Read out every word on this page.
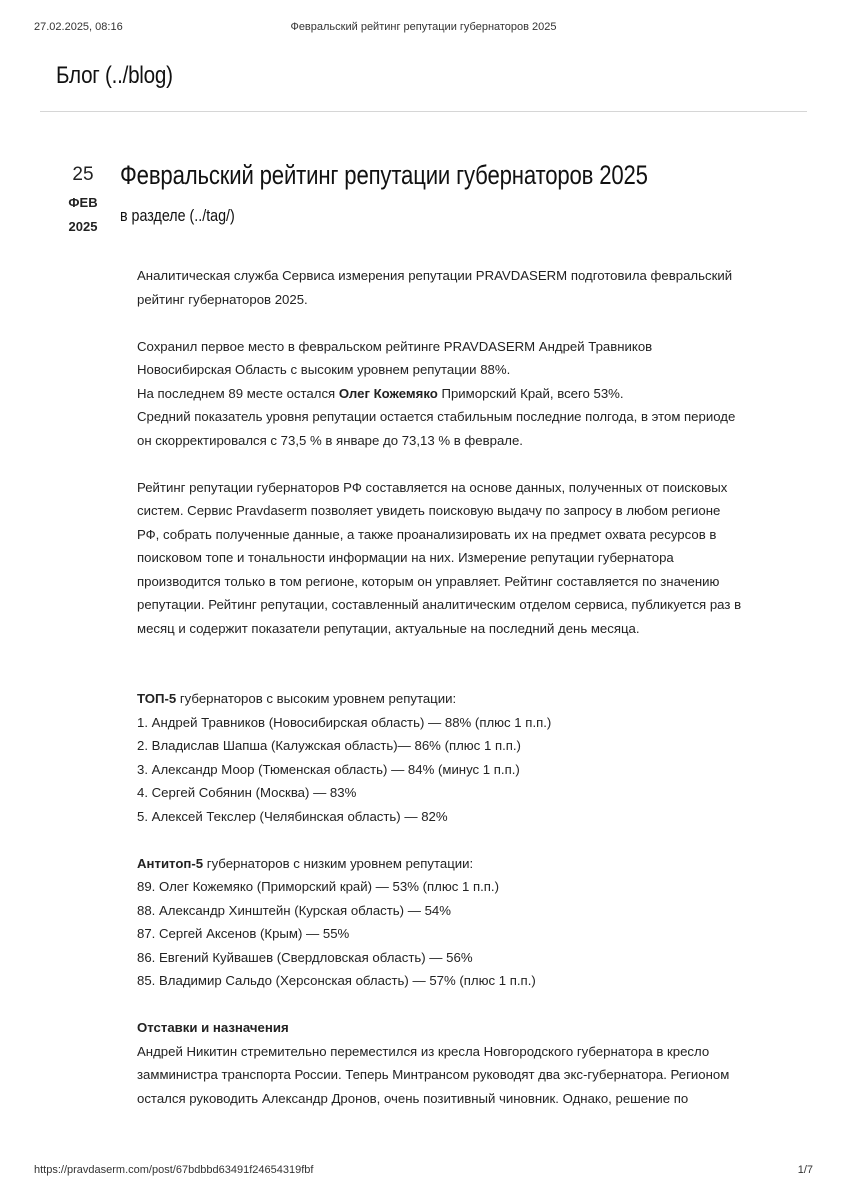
27.02.2025, 08:16	Февральский рейтинг репутации губернаторов 2025
Блог (../blog)
25
ФЕВ
2025
Февральский рейтинг репутации губернаторов 2025
в разделе (../tag/)

Аналитическая служба Сервиса измерения репутации PRAVDASERM подготовила февральский

рейтинг губернаторов 2025.

Сохранил первое место в февральском рейтинге PRAVDASERM Андрей Травников

Новосибирская Область с высоким уровнем репутации 88%.

На последнем 89 месте остался Олег Кожемяко Приморский Край, всего 53%.

Средний показатель уровня репутации остается стабильным последние полгода, в этом периоде

он скорректировался с 73,5 % в январе до 73,13 % в феврале.

Рейтинг репутации губернаторов РФ составляется на основе данных, полученных от поисковых

систем. Сервис Pravdaserm позволяет увидеть поисковую выдачу по запросу в любом регионе

РФ, собрать полученные данные, а также проанализировать их на предмет охвата ресурсов в

поисковом топе и тональности информации на них. Измерение репутации губернатора

производится только в том регионе, которым он управляет. Рейтинг составляется по значению

репутации. Рейтинг репутации, составленный аналитическим отделом сервиса, публикуется раз в

месяц и содержит показатели репутации, актуальные на последний день месяца.

ТОП-5 губернаторов с высоким уровнем репутации:

1. Андрей Травников (Новосибирская область) — 88% (плюс 1 п.п.)

2. Владислав Шапша (Калужская область)— 86% (плюс 1 п.п.)

3. Александр Моор (Тюменская область) — 84% (минус 1 п.п.)

4. Сергей Собянин (Москва) — 83%

5. Алексей Текслер (Челябинская область) — 82%

Антитоп-5 губернаторов с низким уровнем репутации:

89. Олег Кожемяко (Приморский край) — 53% (плюс 1 п.п.)

88. Александр Хинштейн (Курская область) — 54%

87. Сергей Аксенов (Крым) — 55%

86. Евгений Куйвашев (Свердловская область) — 56%

85. Владимир Сальдо (Херсонская область) — 57% (плюс 1 п.п.)

Отставки и назначения

Андрей Никитин стремительно переместился из кресла Новгородского губернатора в кресло

замминистра транспорта России. Теперь Минтрансом руководят два экс-губернатора. Регионом

остался руководить Александр Дронов, очень позитивный чиновник. Однако, решение по

https://pravdaserm.com/post/67bdbbd63491f24654319fbf	1/7
